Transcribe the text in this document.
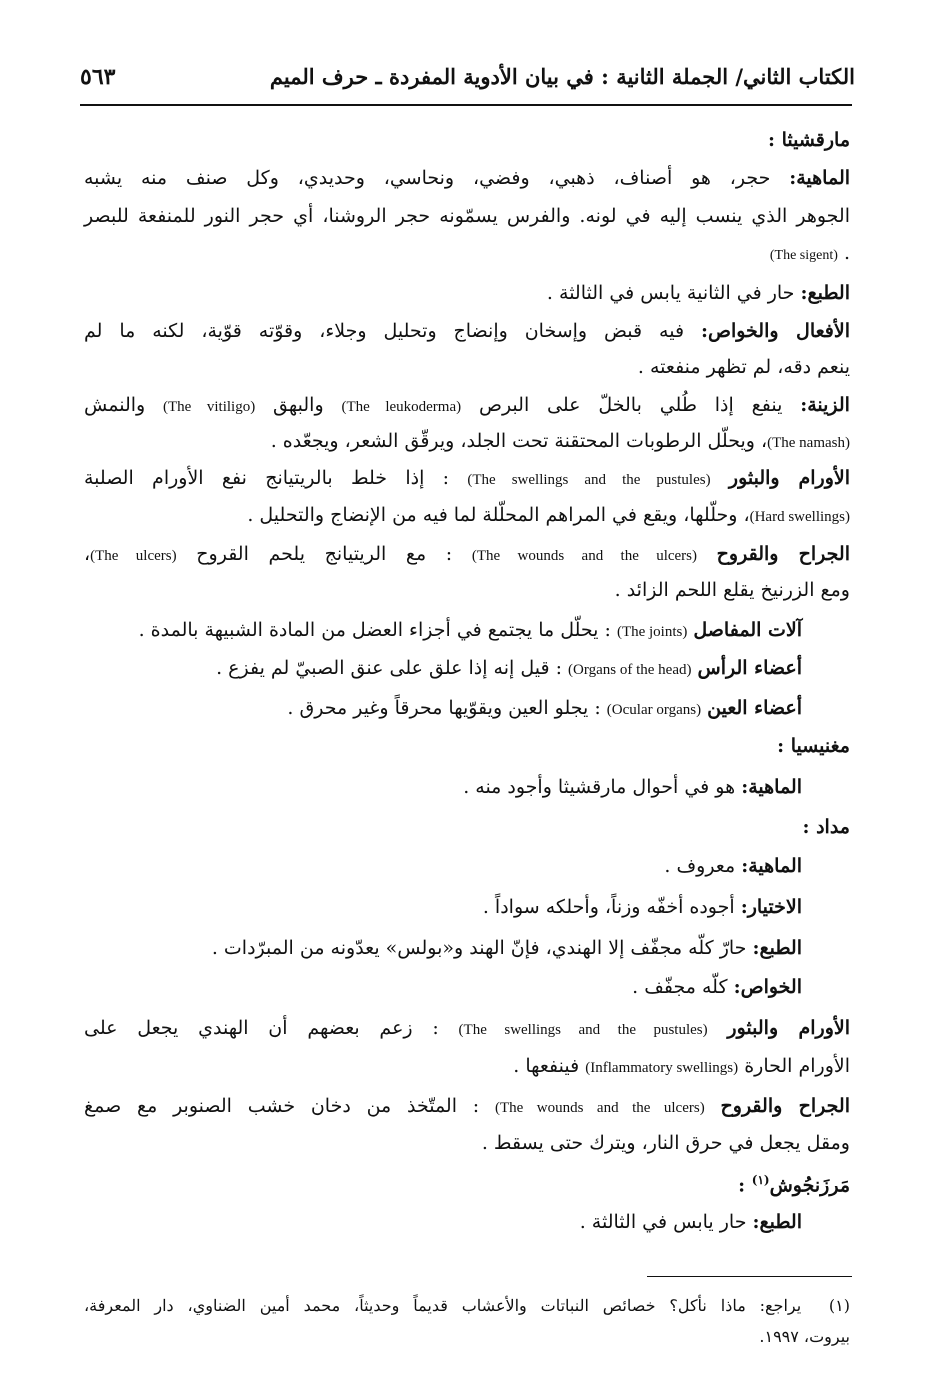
الكتاب الثاني/ الجملة الثانية : في بيان الأدوية المفردة ـ حرف الميم
٥٦٣
مارقشيثا :
الماهية: حجر، هو أصناف، ذهبي، وفضي، ونحاسي، وحديدي، وكل صنف منه يشبه
الجوهر الذي ينسب إليه في لونه. والفرس يسمّونه حجر الروشنا، أي حجر النور للمنفعة للبصر
. (The sigent)
الطبع: حار في الثانية يابس في الثالثة .
الأفعال والخواص: فيه قبض وإسخان وإنضاج وتحليل وجلاء، وقوّته قوّية، لكنه ما لم
ينعم دقه، لم تظهر منفعته .
الزينة: ينفع إذا طُلي بالخلّ على البرص (The leukoderma) والبهق (The vitiligo) والنمش
(The namash)، ويحلّل الرطوبات المحتقنة تحت الجلد، ويرقّق الشعر، ويجعّده .
الأورام والبثور (The swellings and the pustules) : إذا خلط بالريتيانج نفع الأورام الصلبة
(Hard swellings)، وحلّلها، ويقع في المراهم المحلّلة لما فيه من الإنضاج والتحليل .
الجراح والقروح (The wounds and the ulcers) : مع الريتيانج يلحم القروح (The ulcers)،
ومع الزرنيخ يقلع اللحم الزائد .
آلات المفاصل (The joints) : يحلّل ما يجتمع في أجزاء العضل من المادة الشبيهة بالمدة .
أعضاء الرأس (Organs of the head) : قيل إنه إذا علق على عنق الصبيّ لم يفزع .
أعضاء العين (Ocular organs) : يجلو العين ويقوّيها محرقاً وغير محرق .
مغنيسيا :
الماهية: هو في أحوال مارقشيثا وأجود منه .
مداد :
الماهية: معروف .
الاختيار: أجوده أخفّه وزناً، وأحلكه سواداً .
الطبع: حارّ كلّه مجفّف إلا الهندي، فإنّ الهند و«بولس» يعدّونه من المبرّدات .
الخواص: كلّه مجفّف .
الأورام والبثور (The swellings and the pustules) : زعم بعضهم أن الهندي يجعل على
الأورام الحارة (Inflammatory swellings) فينفعها .
الجراح والقروح (The wounds and the ulcers) : المتّخذ من دخان خشب الصنوبر مع صمغ
ومقل يجعل في حرق النار، ويترك حتى يسقط .
مَرزَنجُوش$^{(١)}$ :
الطبع: حار يابس في الثالثة .
(١)  يراجع: ماذا نأكل؟ خصائص النباتات والأعشاب قديماً وحديثاً، محمد أمين الضناوي، دار المعرفة،
بيروت، ١٩٩٧.
